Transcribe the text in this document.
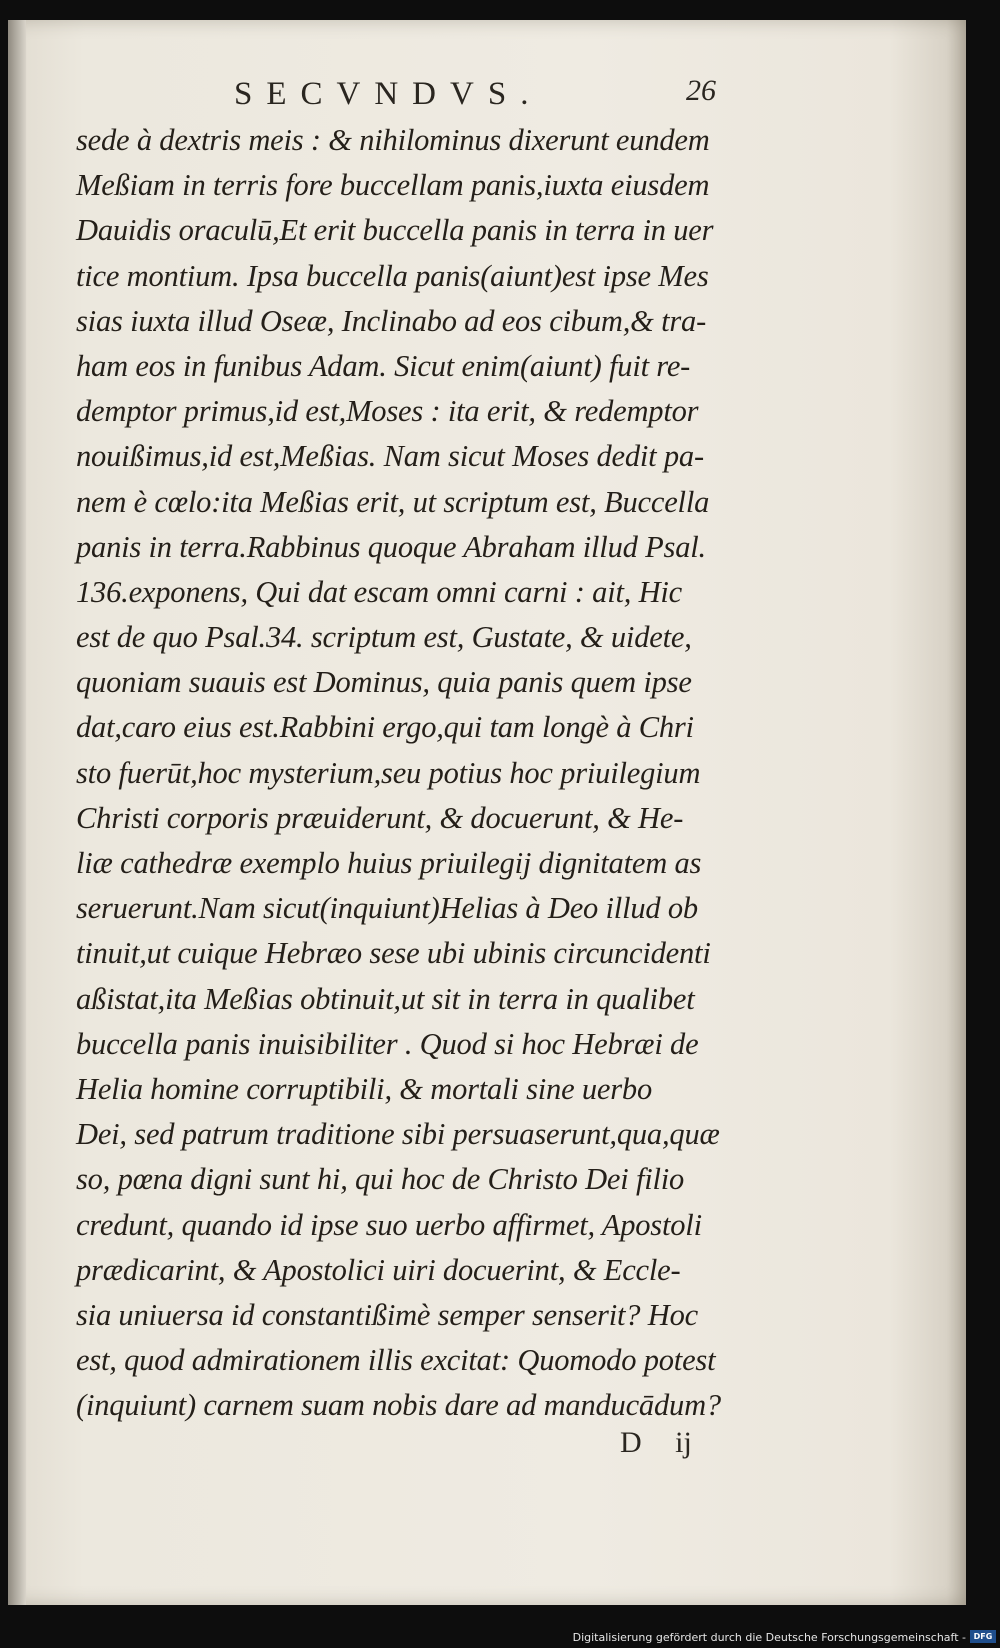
SECVNDVS.	26
sede à dextris meis : & nihilominus dixerunt eundem
Meßiam in terris fore buccellam panis,iuxta eiusdem
Dauidis oraculū,Et erit buccella panis in terra in uer
tice montium. Ipsa buccella panis(aiunt)est ipse Mes
sias iuxta illud Oseæ, Inclinabo ad eos cibum,& tra-
ham eos in funibus Adam. Sicut enim(aiunt) fuit re-
demptor primus,id est,Moses : ita erit, & redemptor
nouißimus,id est,Meßias. Nam sicut Moses dedit pa-
nem è cœlo:ita Meßias erit, ut scriptum est, Buccella
panis in terra.Rabbinus quoque Abraham illud Psal.
136.exponens, Qui dat escam omni carni : ait, Hic
est de quo Psal.34. scriptum est, Gustate, & uidete,
quoniam suauis est Dominus, quia panis quem ipse
dat,caro eius est.Rabbini ergo,qui tam longè à Chri
sto fuerūt,hoc mysterium,seu potius hoc priuilegium
Christi corporis præuiderunt, & docuerunt, & He-
liæ cathedræ exemplo huius priuilegij dignitatem as
seruerunt.Nam sicut(inquiunt)Helias à Deo illud ob
tinuit,ut cuique Hebræo sese ubi ubinis circuncidenti
aßistat,ita Meßias obtinuit,ut sit in terra in qualibet
buccella panis inuisibiliter . Quod si hoc Hebræi de
Helia homine corruptibili, & mortali sine uerbo
Dei, sed patrum traditione sibi persuaserunt,qua,quæ
so, pœna digni sunt hi, qui hoc de Christo Dei filio
credunt, quando id ipse suo uerbo affirmet, Apostoli
prædicarint, & Apostolici uiri docuerint, & Eccle-
sia uniuersa id constantißimè semper senserit? Hoc
est, quod admirationem illis excitat: Quomodo potest
(inquiunt) carnem suam nobis dare ad manducādum?
D ij
Digitalisierung gefördert durch die Deutsche Forschungsgemeinschaft - DFG
